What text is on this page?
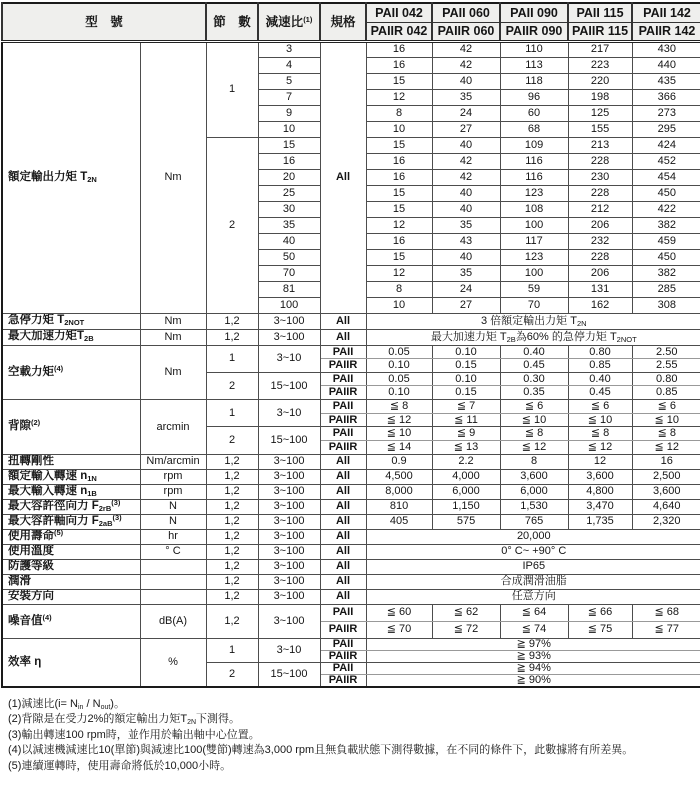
型 號		節 數	減速比$^{(1)}$	規格	PAII 042	PAII 060	PAII 090	PAII 115	PAII 142
					PAIIR 042	PAIIR 060	PAIIR 090	PAIIR 115	PAIIR 142
額定輸出力矩 $T_{2N}$	Nm	1	3	All	16	42	110	217	430
			4		16	42	113	223	440
			5		15	40	118	220	435
			7		12	35	96	198	366
			9		8	24	60	125	273
			10		10	27	68	155	295
		2	15		15	40	109	213	424
			16		16	42	116	228	452
			20		16	42	116	230	454
			25		15	40	123	228	450
			30		15	40	108	212	422
			35		12	35	100	206	382
			40		16	43	117	232	459
			50		15	40	123	228	450
			70		12	35	100	206	382
			81		8	24	59	131	285
			100		10	27	70	162	308
急停力矩 $T_{2NOT}$	Nm	1,2	3~100	All	3 倍額定輸出力矩 $T_{2N}$
最大加速力矩$T_{2B}$	Nm	1,2	3~100	All	最大加速力矩 $T_{2B}$為60% 的急停力矩 $T_{2NOT}$
空載力矩$^{(4)}$	Nm	1	3~10	PAII	0.05	0.10	0.40	0.80	2.50
				PAIIR	0.10	0.15	0.45	0.85	2.55
		2	15~100	PAII	0.05	0.10	0.30	0.40	0.80
				PAIIR	0.10	0.15	0.35	0.45	0.85
背隙$^{(2)}$	arcmin	1	3~10	PAII	≦ 8	≦ 7	≦ 6	≦ 6	≦ 6
				PAIIR	≦ 12	≦ 11	≦ 10	≦ 10	≦ 10
		2	15~100	PAII	≦ 10	≦ 9	≦ 8	≦ 8	≦ 8
				PAIIR	≦ 14	≦ 13	≦ 12	≦ 12	≦ 12
扭轉剛性	Nm/arcmin	1,2	3~100	All	0.9	2.2	8	12	16
額定輸入轉速 $n_{1N}$	rpm	1,2	3~100	All	4,500	4,000	3,600	3,600	2,500
最大輸入轉速 $n_{1B}$	rpm	1,2	3~100	All	8,000	6,000	6,000	4,800	3,600
最大容許徑向力 $F_{2rB}^{(3)}$	N	1,2	3~100	All	810	1,150	1,530	3,470	4,640
最大容許軸向力 $F_{2aB}^{(3)}$	N	1,2	3~100	All	405	575	765	1,735	2,320
使用壽命$^{(5)}$	hr	1,2	3~100	All	20,000				
使用溫度	° C	1,2	3~100	All	0° C~ +90° C				
防護等級		1,2	3~100	All	IP65				
潤滑		1,2	3~100	All	合成潤滑油脂				
安裝方向		1,2	3~100	All	任意方向				
噪音值$^{(4)}$	dB(A)	1,2	3~100	PAII	≦ 60	≦ 62	≦ 64	≦ 66	≦ 68
				PAIIR	≦ 70	≦ 72	≦ 74	≦ 75	≦ 77
效率 η	%	1	3~10	PAII	≧ 97%				
				PAIIR	≧ 93%				
		2	15~100	PAII	≧ 94%				
				PAIIR	≧ 90%				
(1)減速比$(i= N_{in} / N_{out})$。
(2)背隙是在受力2%的額定輸出力矩$T_{2N}$下測得。
(3)輸出轉速100 rpm時，並作用於輸出軸中心位置。
(4)以減速機減速比10(單節)與減速比100(雙節)轉速為3,000 rpm且無負載狀態下測得數據，在不同的條件下，此數據將有所差異。
(5)連續運轉時，使用壽命將低於10,000小時。
